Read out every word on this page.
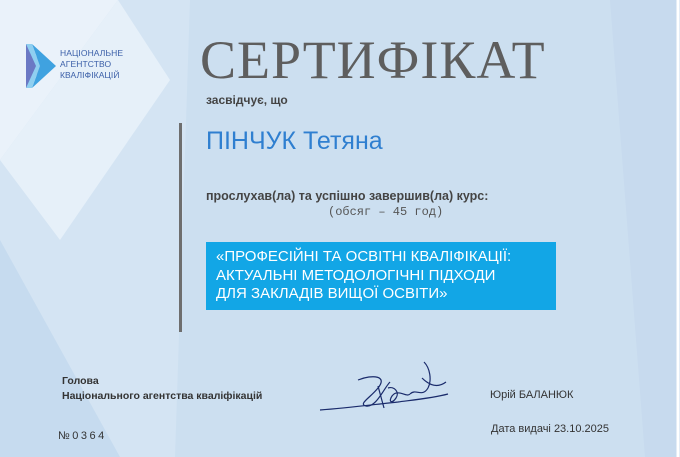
НАЦІОНАЛЬНЕ
АГЕНТСТВО
КВАЛІФІКАЦІЙ СЕРТИФІКАТ
засвідчує, що
ПІНЧУК Тетяна
прослухав(ла) та успішно завершив(ла) курс:
(обсяг – 45 год)
«ПРОФЕСІЙНІ ТА ОСВІТНІ КВАЛІФІКАЦІЇ:
АКТУАЛЬНІ МЕТОДОЛОГІЧНІ ПІДХОДИ
ДЛЯ ЗАКЛАДІВ ВИЩОЇ ОСВІТИ»
Голова
Національного агентства кваліфікацій	Юрій БАЛАНЮК
№0364
Дата видачі 23.10.2025
